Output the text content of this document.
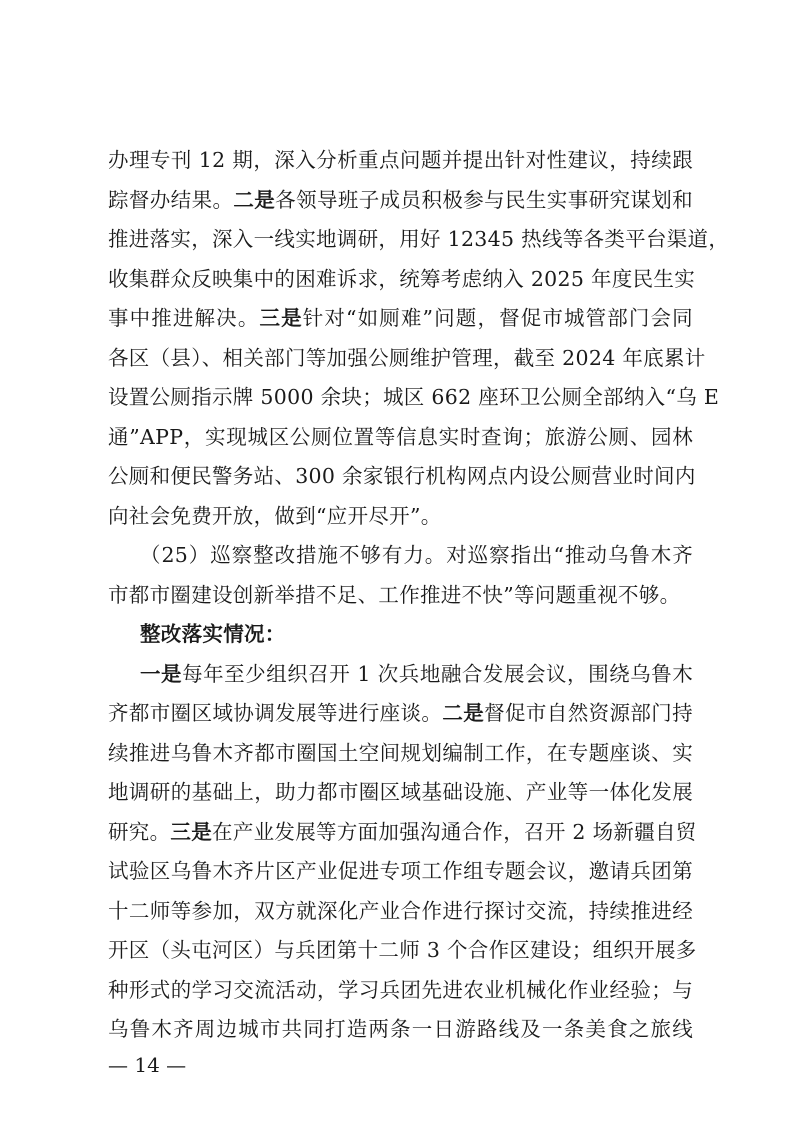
办理专刊 12 期，深入分析重点问题并提出针对性建议，持续跟
踪督办结果。二是各领导班子成员积极参与民生实事研究谋划和
推进落实，深入一线实地调研，用好 12345 热线等各类平台渠道，
收集群众反映集中的困难诉求，统筹考虑纳入 2025 年度民生实
事中推进解决。三是针对“如厕难”问题，督促市城管部门会同
各区（县）、相关部门等加强公厕维护管理，截至 2024 年底累计
设置公厕指示牌 5000 余块；城区 662 座环卫公厕全部纳入“乌 E
通”APP，实现城区公厕位置等信息实时查询；旅游公厕、园林
公厕和便民警务站、300 余家银行机构网点内设公厕营业时间内
向社会免费开放，做到“应开尽开”。
（25）巡察整改措施不够有力。对巡察指出“推动乌鲁木齐
市都市圈建设创新举措不足、工作推进不快”等问题重视不够。
整改落实情况：
一是每年至少组织召开 1 次兵地融合发展会议，围绕乌鲁木
齐都市圈区域协调发展等进行座谈。二是督促市自然资源部门持
续推进乌鲁木齐都市圈国土空间规划编制工作，在专题座谈、实
地调研的基础上，助力都市圈区域基础设施、产业等一体化发展
研究。三是在产业发展等方面加强沟通合作，召开 2 场新疆自贸
试验区乌鲁木齐片区产业促进专项工作组专题会议，邀请兵团第
十二师等参加，双方就深化产业合作进行探讨交流，持续推进经
开区（头屯河区）与兵团第十二师 3 个合作区建设；组织开展多
种形式的学习交流活动，学习兵团先进农业机械化作业经验；与
乌鲁木齐周边城市共同打造两条一日游路线及一条美食之旅线
— 14 —
